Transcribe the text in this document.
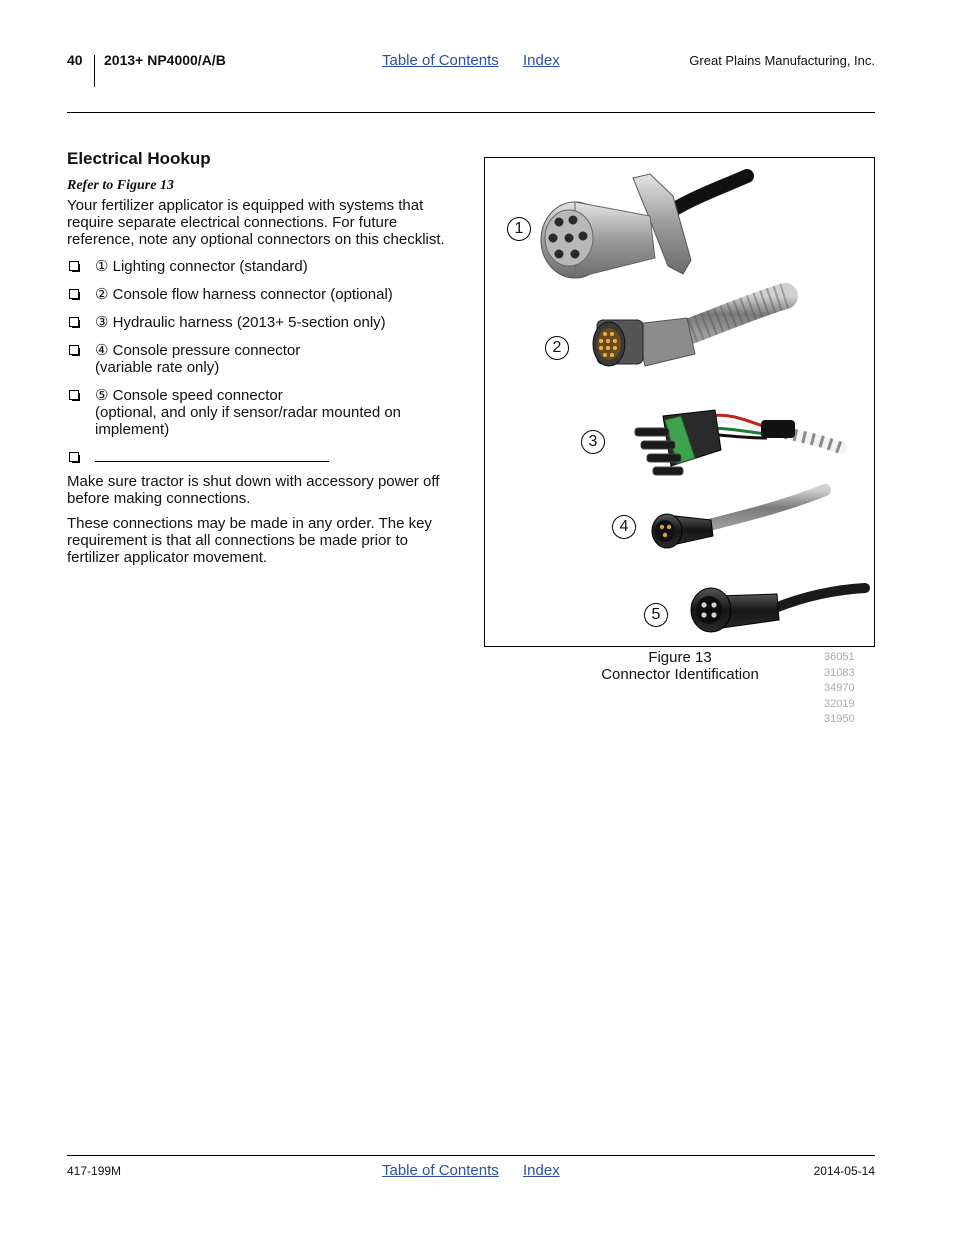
40 2013+ NP4000/A/B	Table of Contents Index	Great Plains Manufacturing, Inc.
Electrical Hookup
Refer to Figure 13
Your fertilizer applicator is equipped with systems that require separate electrical connections. For future reference, note any optional connectors on this checklist.
① Lighting connector (standard)
② Console flow harness connector (optional)
③ Hydraulic harness (2013+ 5-section only)
④ Console pressure connector
(variable rate only)
⑤ Console speed connector
(optional, and only if sensor/radar mounted on implement)
Make sure tractor is shut down with accessory power off before making connections.
These connections may be made in any order. The key requirement is that all connections be made prior to fertilizer applicator movement.
1
2
3
4
5
Figure 13
Connector Identification
36051
31083
34970
32019
31950
417-199M	Table of Contents Index	2014-05-14
